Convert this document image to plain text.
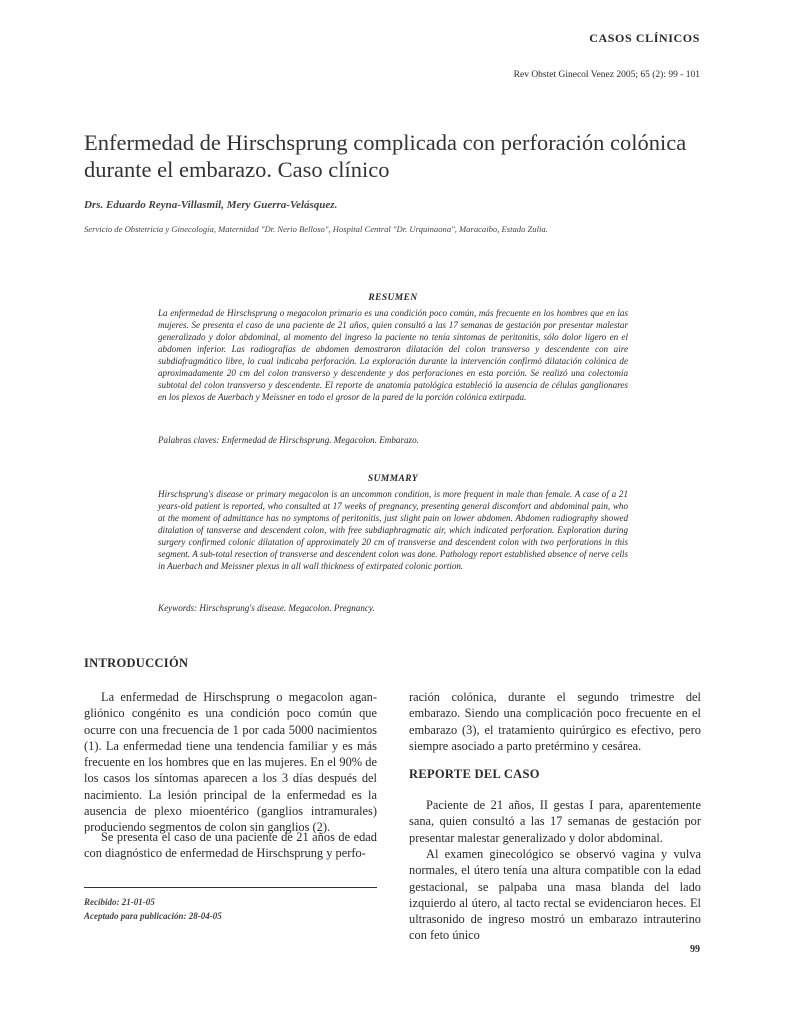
CASOS CLÍNICOS
Rev Obstet Ginecol Venez 2005; 65 (2): 99 - 101
Enfermedad de Hirschsprung complicada con perforación colónica durante el embarazo. Caso clínico
Drs. Eduardo Reyna-Villasmil, Mery Guerra-Velásquez.
Servicio de Obstetricia y Ginecología, Maternidad "Dr. Nerio Belloso", Hospital Central "Dr. Urquinaona", Maracaibo, Estado Zulia.
RESUMEN

La enfermedad de Hirschsprung o megacolon primario es una condición poco común, más frecuente en los hombres que en las mujeres. Se presenta el caso de una paciente de 21 años, quien consultó a las 17 semanas de gestación por presentar malestar generalizado y dolor abdominal, al momento del ingreso la paciente no tenía síntomas de peritonitis, sólo dolor ligero en el abdomen inferior. Las radiografías de abdomen demostraron dilatación del colon transverso y descendente con aire subdiafragmático libre, lo cual indicaba perforación. La exploración durante la intervención confirmó dilatación colónica de aproximadamente 20 cm del colon transverso y descendente y dos perforaciones en esta porción. Se realizó una colectomía subtotal del colon transverso y descendente. El reporte de anatomía patológica estableció la ausencia de células ganglionares en los plexos de Auerbach y Meissner en todo el grosor de la pared de la porción colónica extirpada.

Palabras claves: Enfermedad de Hirschsprung. Megacolon. Embarazo.
SUMMARY

Hirschsprung's disease or primary megacolon is an uncommon condition, is more frequent in male than female. A case of a 21 years-old patient is reported, who consulted at 17 weeks of pregnancy, presenting general discomfort and abdominal pain, who at the moment of admittance has no symptoms of peritonitis, just slight pain on lower abdomen. Abdomen radiography showed ditalation of tansverse and descendent colon, with free subdiaphragmatic air, which indicated perforation. Exploration during surgery confirmed colonic dilatation of approximately 20 cm of transverse and descendent colon with two perforations in this segment. A sub-total resection of transverse and descendent colon was done. Pathology report established absence of nerve cells in Auerbach and Meissner plexus in all wall thickness of extirpated colonic portion.

Keywords: Hirschsprung's disease. Megacolon. Pregnancy.
INTRODUCCIÓN

La enfermedad de Hirschsprung o megacolon agan-gliónico congénito es una condición poco común que ocurre con una frecuencia de 1 por cada 5000 nacimientos (1). La enfermedad tiene una tendencia familiar y es más frecuente en los hombres que en las mujeres. En el 90% de los casos los síntomas aparecen a los 3 días después del nacimiento. La lesión principal de la enfermedad es la ausencia de plexo mioentérico (ganglios intramurales) produciendo segmentos de colon sin ganglios (2).

Se presenta el caso de una paciente de 21 años de edad con diagnóstico de enfermedad de Hirschsprung y perfo-

Recibido: 21-01-05
Aceptado para publicación: 28-04-05

ración colónica, durante el segundo trimestre del embarazo. Siendo una complicación poco frecuente en el embarazo (3), el tratamiento quirúrgico es efectivo, pero siempre asociado a parto pretérmino y cesárea.

REPORTE DEL CASO

Paciente de 21 años, II gestas I para, aparentemente sana, quien consultó a las 17 semanas de gestación por presentar malestar generalizado y dolor abdominal.

Al examen ginecológico se observó vagina y vulva normales, el útero tenía una altura compatible con la edad gestacional, se palpaba una masa blanda del lado izquierdo al útero, al tacto rectal se evidenciaron heces. El ultrasonido de ingreso mostró un embarazo intrauterino con feto único

99
